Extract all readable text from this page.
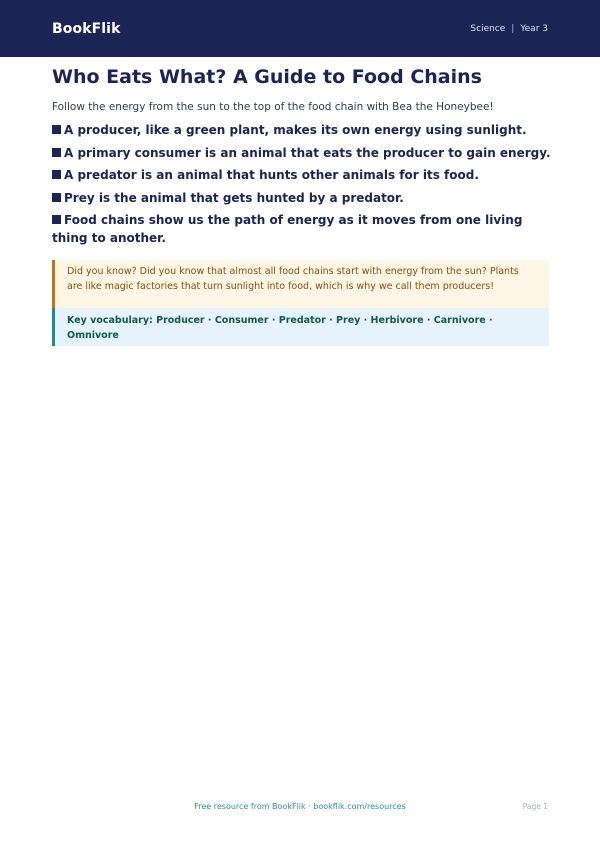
BookFlik	Science | Year 3
Who Eats What? A Guide to Food Chains

Follow the energy from the sun to the top of the food chain with Bea the Honeybee!

A producer, like a green plant, makes its own energy using sunlight.
A primary consumer is an animal that eats the producer to gain energy.
A predator is an animal that hunts other animals for its food.
Prey is the animal that gets hunted by a predator.
Food chains show us the path of energy as it moves from one living thing to another.
Did you know? Did you know that almost all food chains start with energy from the sun? Plants are like magic factories that turn sunlight into food, which is why we call them producers!
Key vocabulary: Producer · Consumer · Predator · Prey · Herbivore · Carnivore · Omnivore
Free resource from BookFlik · bookflik.com/resources	Page 1
